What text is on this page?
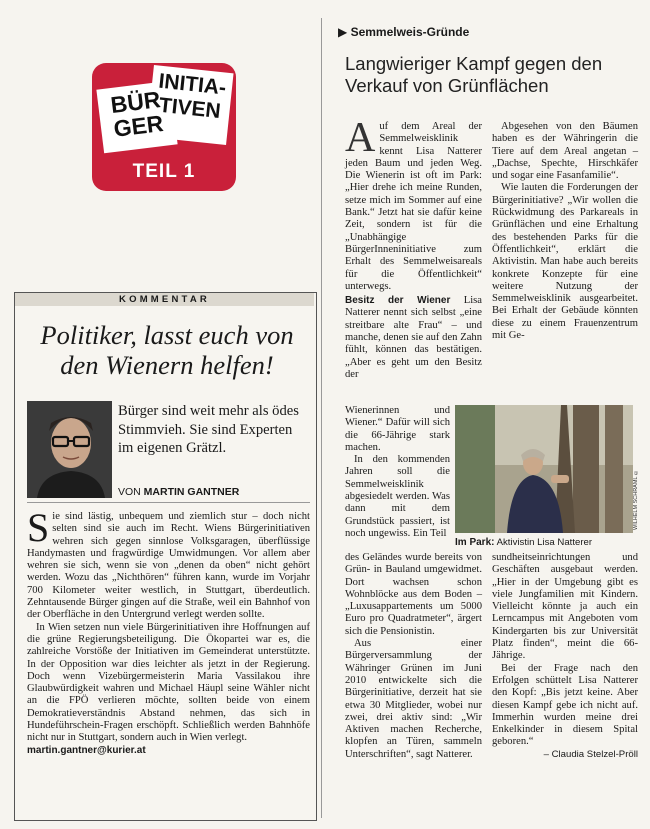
BÜR GER
INITIA-TIVEN
TEIL 1
KOMMENTAR
Politiker, lasst euch von den Wienern helfen!
Bürger sind weit mehr als ödes Stimmvieh. Sie sind Experten im eigenen Grätzl.
VON MARTIN GANTNER

Sie sind lästig, unbequem und ziemlich stur – doch nicht selten sind sie auch im Recht. Wiens Bürgerinitiativen wehren sich gegen sinnlose Volksgaragen, überflüssige Handymasten und fragwürdige Umwidmungen. Vor allem aber wehren sie sich, wenn sie von „denen da oben“ nicht gehört werden. Wozu das „Nichthören“ führen kann, wurde im Vorjahr 700 Kilometer weiter westlich, in Stuttgart, überdeutlich. Zehntausende Bürger gingen auf die Straße, weil ein Bahnhof von der Oberfläche in den Untergrund verlegt werden sollte.

In Wien setzen nun viele Bürgerinitiativen ihre Hoffnungen auf die grüne Regierungsbeteiligung. Die Ökopartei war es, die zahlreiche Vorstöße der Initiativen im Gemeinderat unterstützte. In der Opposition war dies leichter als jetzt in der Regierung. Doch wenn Vizebürgermeisterin Maria Vassilakou ihre Glaubwürdigkeit wahren und Michael Häupl seine Wähler nicht an die FPÖ verlieren möchte, sollten beide von einem Demokratieverständnis Abstand nehmen, das sich in Hundeführschein-Fragen erschöpft. Schließlich werden Bahnhöfe nicht nur in Stuttgart, sondern auch in Wien verlegt.

martin.gantner@kurier.at

▶ Semmelweis-Gründe
Langwieriger Kampf gegen den Verkauf von Grünflächen

Auf dem Areal der Semmelweisklinik kennt Lisa Natterer jeden Baum und jeden Weg. Die Wienerin ist oft im Park: „Hier drehe ich meine Runden, setze mich im Sommer auf eine Bank.“ Jetzt hat sie dafür keine Zeit, sondern ist für die „Unabhängige BürgerInneninitiative zum Erhalt des Semmelweisareals für die Öffentlichkeit“ unterwegs.

Besitz der Wiener Lisa Natterer nennt sich selbst „eine streitbare alte Frau“ – und manche, denen sie auf den Zahn fühlt, können das bestätigen. „Aber es geht um den Besitz der

Wienerinnen und Wiener.“ Dafür will sich die 66-Jährige stark machen.

In den kommenden Jahren soll die Semmelweisklinik abgesiedelt werden. Was dann mit dem Grundstück passiert, ist noch ungewiss. Ein Teil

WILHELM SCHRAML ©
Im Park: Aktivistin Lisa Natterer

des Geländes wurde bereits von Grün- in Bauland umgewidmet. Dort wachsen schon Wohnblöcke aus dem Boden – „Luxusappartements um 5000 Euro pro Quadratmeter“, ärgert sich die Pensionistin.

Aus einer Bürgerversammlung der Währinger Grünen im Juni 2010 entwickelte sich die Bürgerinitiative, derzeit hat sie etwa 30 Mitglieder, wobei nur zwei, drei aktiv sind: „Wir Aktiven machen Recherche, klopfen an Türen, sammeln Unterschriften“, sagt Natterer.

Abgesehen von den Bäumen haben es der Währingerin die Tiere auf dem Areal angetan – „Dachse, Spechte, Hirschkäfer und sogar eine Fasanfamilie“.

Wie lauten die Forderungen der Bürgerinitiative? „Wir wollen die Rückwidmung des Parkareals in Grünflächen und eine Erhaltung des bestehenden Parks für die Öffentlichkeit“, erklärt die Aktivistin. Man habe auch bereits konkrete Konzepte für eine weitere Nutzung der Semmelweisklinik ausgearbeitet. Bei Erhalt der Gebäude könnten diese zu einem Frauenzentrum mit Ge-

sundheitseinrichtungen und Geschäften ausgebaut werden. „Hier in der Umgebung gibt es viele Jungfamilien mit Kindern. Vielleicht könnte ja auch ein Lerncampus mit Angeboten vom Kindergarten bis zur Universität Platz finden“, meint die 66-Jährige.

Bei der Frage nach den Erfolgen schüttelt Lisa Natterer den Kopf: „Bis jetzt keine. Aber diesen Kampf gebe ich nicht auf. Immerhin wurden meine drei Enkelkinder in diesem Spital geboren.“

– Claudia Stelzel-Pröll
